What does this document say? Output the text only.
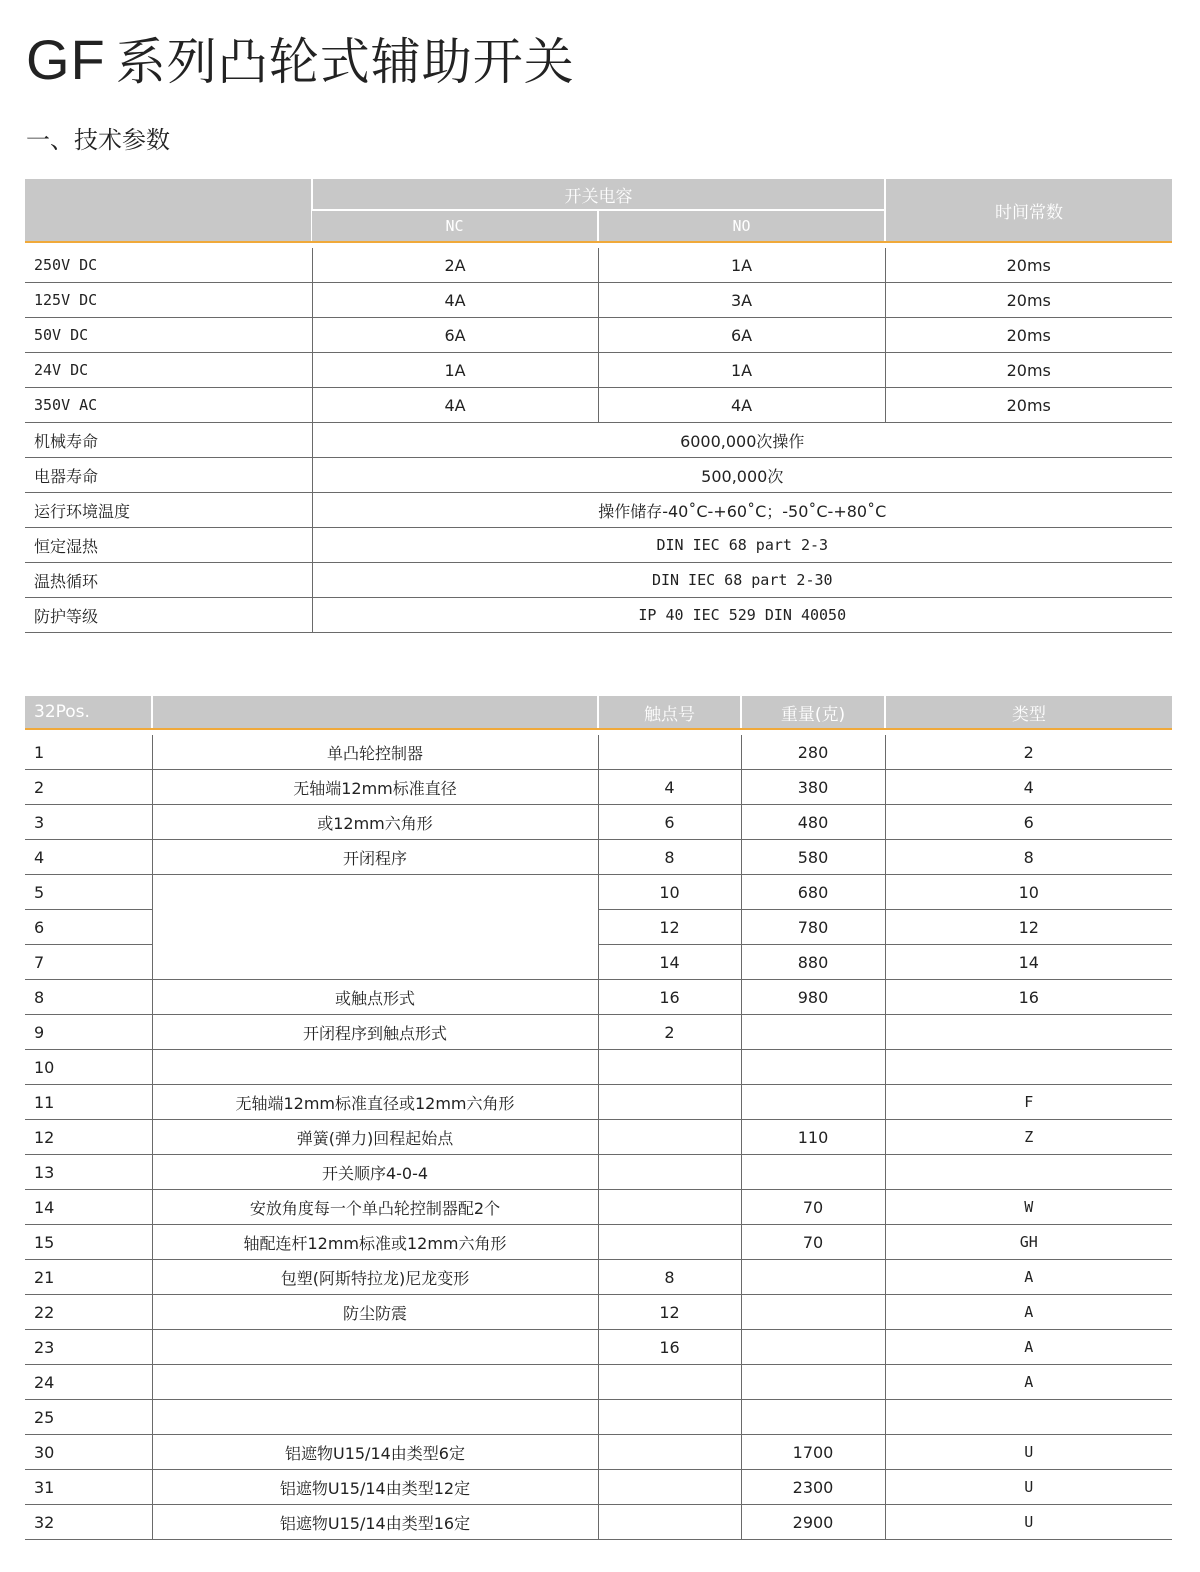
GF 系列凸轮式辅助开关
一、技术参数
	开关电容		时间常数
	NC	NO	

250V DC	2A	1A	20ms
125V DC	4A	3A	20ms
50V DC	6A	6A	20ms
24V DC	1A	1A	20ms
350V AC	4A	4A	20ms
机械寿命	6000,000次操作		
电器寿命	500,000次		
运行环境温度	操作储存-40˚C-+60˚C；-50˚C-+80˚C		
恒定湿热	DIN IEC 68 part 2-3		
温热循环	DIN IEC 68 part 2-30		
防护等级	IP 40 IEC 529 DIN 40050		
32Pos.		触点号	重量(克)	类型

1	单凸轮控制器		280	2
2	无轴端12mm标准直径	4	380	4
3	或12mm六角形	6	480	6
4	开闭程序	8	580	8
5		10	680	10
6		12	780	12
7		14	880	14
8	或触点形式	16	980	16
9	开闭程序到触点形式	2		
10				
11	无轴端12mm标准直径或12mm六角形			F
12	弹簧(弹力)回程起始点		110	Z
13	开关顺序4-0-4			
14	安放角度每一个单凸轮控制器配2个		70	W
15	轴配连杆12mm标准或12mm六角形		70	GH
21	包塑(阿斯特拉龙)尼龙变形	8		A
22	防尘防震	12		A
23		16		A
24				A
25				
30	铝遮物U15/14由类型6定		1700	U
31	铝遮物U15/14由类型12定		2300	U
32	铝遮物U15/14由类型16定		2900	U
